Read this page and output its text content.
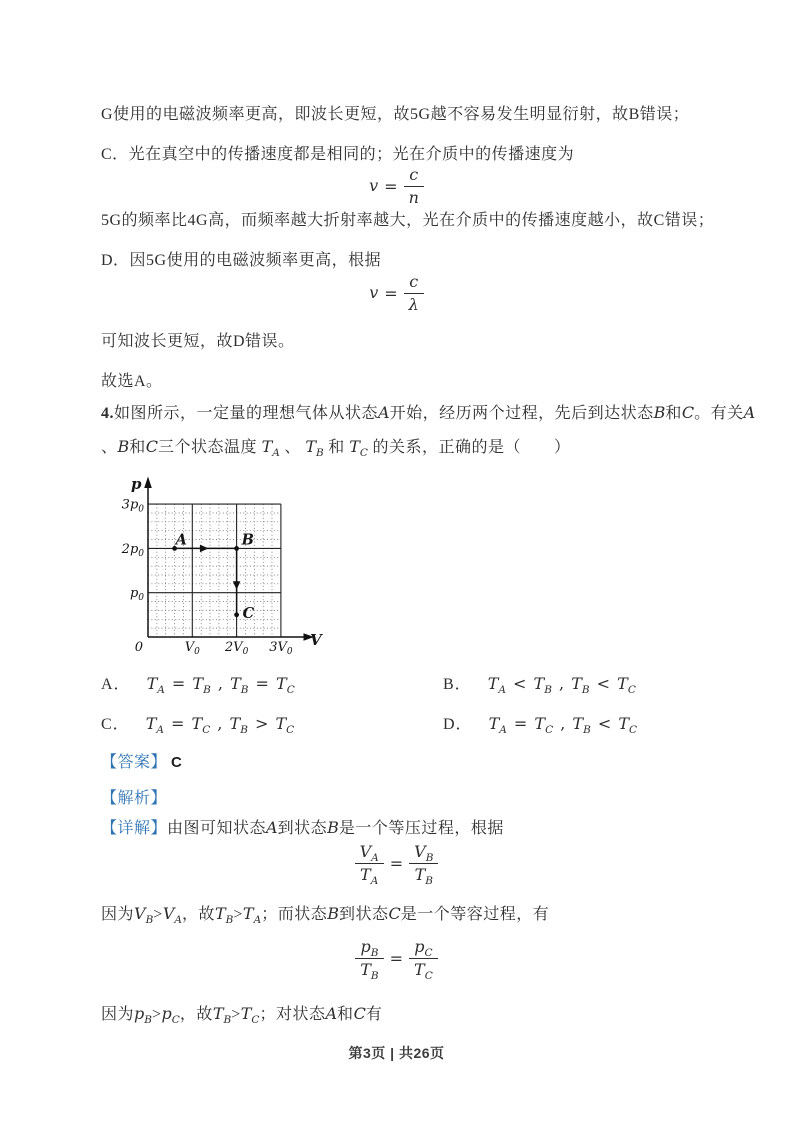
G使用的电磁波频率更高，即波长更短，故5G越不容易发生明显衍射，故B错误；
C．光在真空中的传播速度都是相同的；光在介质中的传播速度为
$v = \frac{c}{n}$
5G的频率比4G高，而频率越大折射率越大，光在介质中的传播速度越小，故C错误；
D．因5G使用的电磁波频率更高，根据
$v = \frac{c}{\lambda}$
可知波长更短，故D错误。
故选A。
4.如图所示，一定量的理想气体从状态A开始，经历两个过程，先后到达状态B和C。有关A
、B和C三个状态温度 $T_A$ 、 $T_B$ 和 $T_C$ 的关系，正确的是（　　）
p
V
$p_0$
$2p_0$
$3p_0$
0	$V_0$ $2V_0$ $3V_0$
A	B
C
A． $T_A = T_B$ , $T_B = T_C$	B． $T_A < T_B$ , $T_B < T_C$
C． $T_A = T_C$ , $T_B > T_C$	D． $T_A = T_C$ , $T_B < T_C$
【答案】 C
【解析】
【详解】由图可知状态A到状态B是一个等压过程，根据
$\frac{V_A}{T_A} = \frac{V_B}{T_B}$
因为$V_B>V_A$，故$T_B>T_A$；而状态B到状态C是一个等容过程，有
$\frac{p_B}{T_B} = \frac{p_C}{T_C}$
因为$p_B>p_C$，故$T_B>T_C$；对状态A和C有
第3页 | 共26页
